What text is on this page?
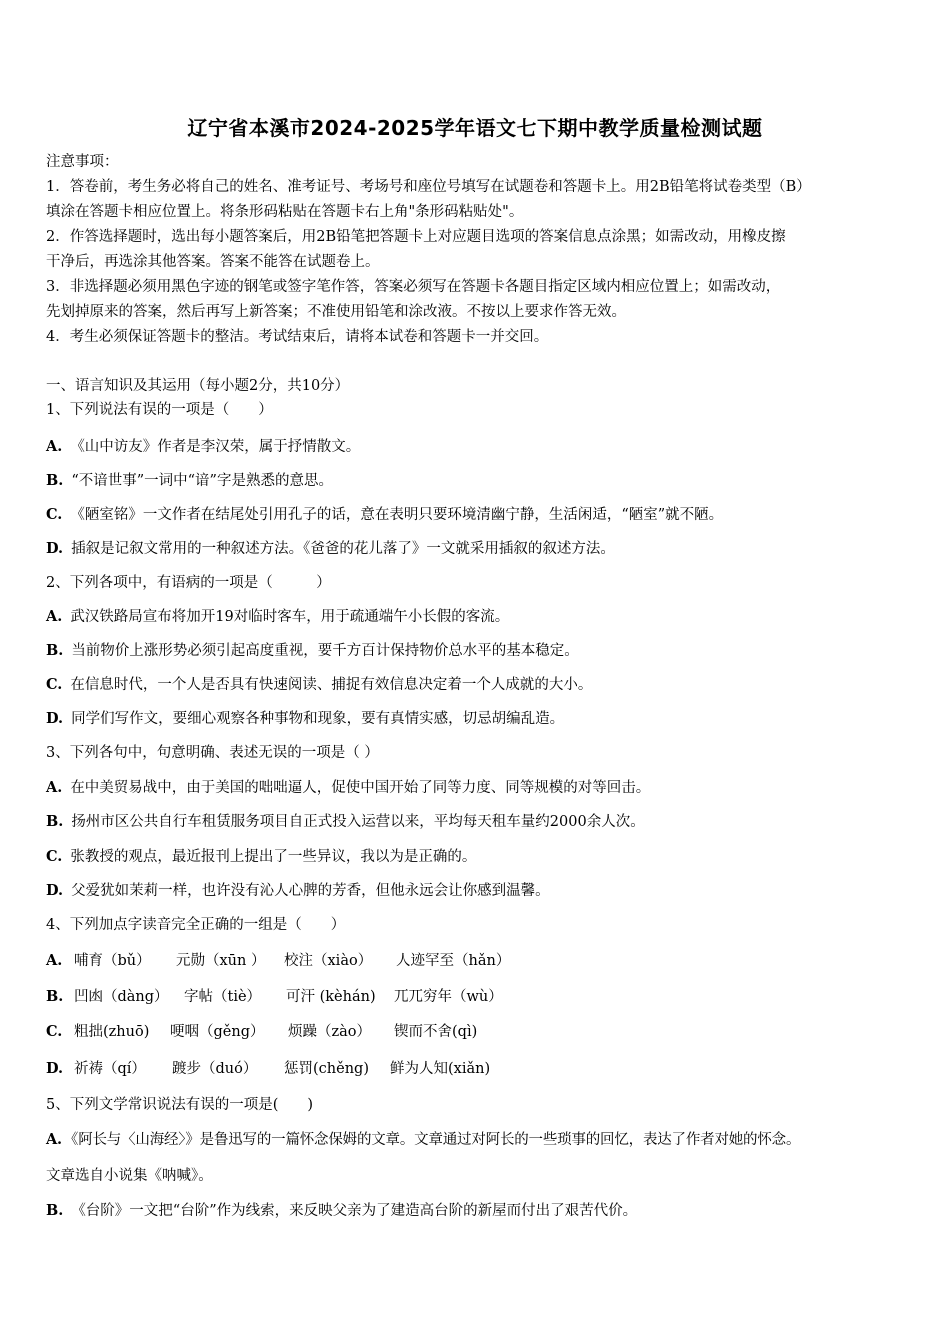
辽宁省本溪市2024-2025学年语文七下期中教学质量检测试题
注意事项：
1．答卷前，考生务必将自己的姓名、准考证号、考场号和座位号填写在试题卷和答题卡上。用2B铅笔将试卷类型（B）
填涂在答题卡相应位置上。将条形码粘贴在答题卡右上角"条形码粘贴处"。
2．作答选择题时，选出每小题答案后，用2B铅笔把答题卡上对应题目选项的答案信息点涂黑；如需改动，用橡皮擦
干净后，再选涂其他答案。答案不能答在试题卷上。
3．非选择题必须用黑色字迹的钢笔或签字笔作答，答案必须写在答题卡各题目指定区域内相应位置上；如需改动，
先划掉原来的答案，然后再写上新答案；不准使用铅笔和涂改液。不按以上要求作答无效。
4．考生必须保证答题卡的整洁。考试结束后，请将本试卷和答题卡一并交回。
一、语言知识及其运用（每小题2分，共10分）
1、下列说法有误的一项是（　　）
A. 《山中访友》作者是李汉荣，属于抒情散文。
B. “不谙世事”一词中“谙”字是熟悉的意思。
C. 《陋室铭》一文作者在结尾处引用孔子的话，意在表明只要环境清幽宁静，生活闲适，“陋室”就不陋。
D. 插叙是记叙文常用的一种叙述方法。《爸爸的花儿落了》一文就采用插叙的叙述方法。
2、下列各项中，有语病的一项是（　　　）
A. 武汉铁路局宣布将加开19对临时客车，用于疏通端午小长假的客流。
B. 当前物价上涨形势必须引起高度重视，要千方百计保持物价总水平的基本稳定。
C. 在信息时代，一个人是否具有快速阅读、捕捉有效信息决定着一个人成就的大小。
D. 同学们写作文，要细心观察各种事物和现象，要有真情实感，切忌胡编乱造。
3、下列各句中，句意明确、表述无误的一项是（ ）
A. 在中美贸易战中，由于美国的咄咄逼人，促使中国开始了同等力度、同等规模的对等回击。
B. 扬州市区公共自行车租赁服务项目自正式投入运营以来，平均每天租车量约2000余人次。
C. 张教授的观点，最近报刊上提出了一些异议，我以为是正确的。
D. 父爱犹如茉莉一样，也许没有沁人心脾的芳香，但他永远会让你感到温馨。
4、下列加点字读音完全正确的一组是（　　）
A. 哺育（bǔ） 元勋（xūn ） 校注（xiào） 人迹罕至（hǎn）
B. 凹凼（dàng） 字帖（tiè） 可汗 (kèhán) 兀兀穷年（wù）
C. 粗拙(zhuō) 哽咽（gěng） 烦躁（zào） 锲而不舍(qì)
D. 祈祷（qí） 踱步（duó） 惩罚(chěng) 鲜为人知(xiǎn)
5、下列文学常识说法有误的一项是(　　)
A. 《阿长与〈山海经〉》是鲁迅写的一篇怀念保姆的文章。文章通过对阿长的一些琐事的回忆，表达了作者对她的怀念。
文章选自小说集《呐喊》。
B. 《台阶》一文把“台阶”作为线索，来反映父亲为了建造高台阶的新屋而付出了艰苦代价。
